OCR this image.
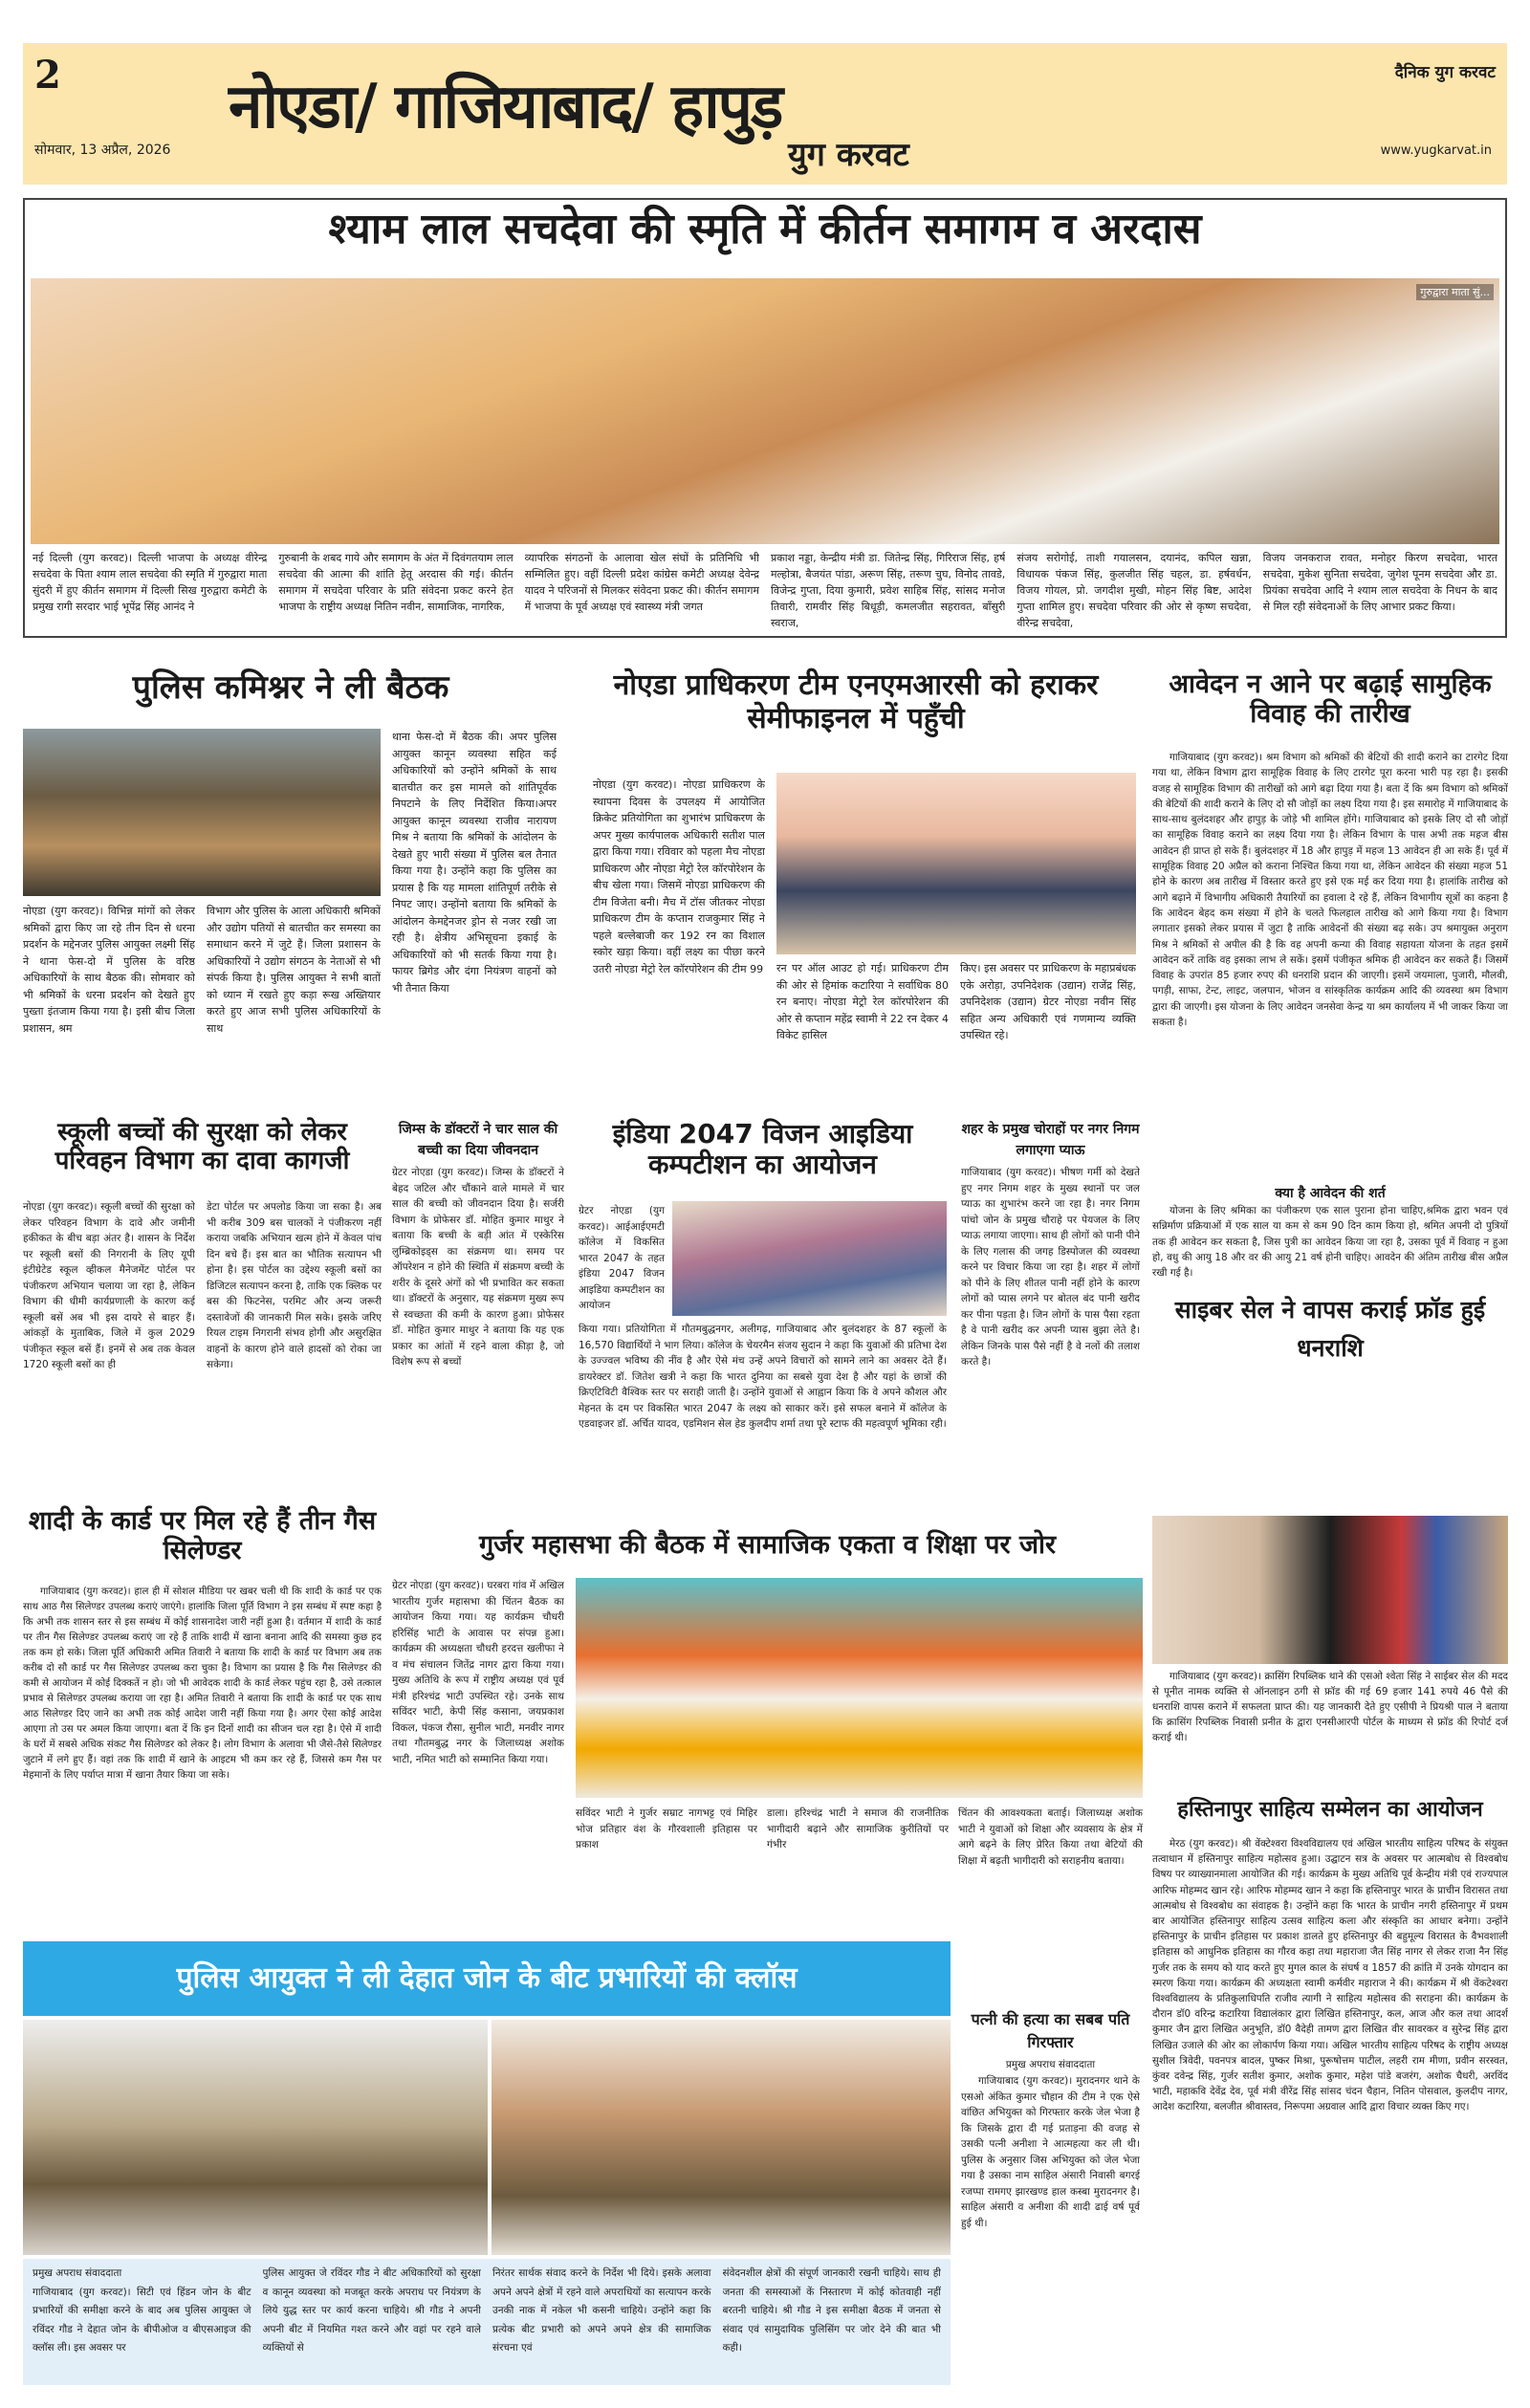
2	नोएडा/ गाजियाबाद/ हापुड़
युग करवट
दैनिक युग करवट
सोमवार, 13 अप्रैल, 2026	www.yugkarvat.in
श्याम लाल सचदेवा की स्मृति में कीर्तन समागम व अरदास
गुरुद्वारा माता सुं...
नई दिल्ली (युग करवट)। दिल्ली भाजपा के अध्यक्ष वीरेन्द्र सचदेवा के पिता श्याम लाल सचदेवा की स्मृति में गुरुद्वारा माता सुंदरी में हुए कीर्तन समागम में दिल्ली सिख गुरुद्वारा कमेटी के प्रमुख रागी सरदार भाई भूपेंद्र सिंह आनंद ने
गुरुबानी के शबद गाये और समागम के अंत में दिवंगतयाम लाल सचदेवा की आत्मा की शांति हेतू अरदास की गई। कीर्तन समागम में सचदेवा परिवार के प्रति संवेदना प्रकट करने हेत भाजपा के राष्ट्रीय अध्यक्ष नितिन नवीन, सामाजिक, नागरिक,
व्यापरिक संगठनों के आलावा खेल संघों के प्रतिनिधि भी सम्मिलित हुए। वहीं दिल्ली प्रदेश कांग्रेस कमेटी अध्यक्ष देवेन्द्र यादव ने परिजनों से मिलकर संवेदना प्रकट की। कीर्तन समागम में भाजपा के पूर्व अध्यक्ष एवं स्वास्थ्य मंत्री जगत
प्रकाश नड्डा, केन्द्रीय मंत्री डा. जितेन्द्र सिंह, गिरिराज सिंह, हर्ष मल्होत्रा, बैजयंत पांडा, अरूण सिंह, तरूण चुघ, विनोद तावडे, विजेन्द्र गुप्ता, दिया कुमारी, प्रवेश साहिब सिंह, सांसद मनोज तिवारी, रामवीर सिंह बिधूड़ी, कमलजीत सहरावत, बाँसुरी स्वराज,
संजय सरोगोई, ताशी गयालसन, दयानंद, कपिल खन्ना, विधायक पंकज सिंह, कुलजीत सिंह चहल, डा. हर्षवर्धन, विजय गोयल, प्रो. जगदीश मुखी, मोहन सिंह बिष्ट, आदेश गुप्ता शामिल हुए। सचदेवा परिवार की ओर से कृष्ण सचदेवा, वीरेन्द्र सचदेवा,
विजय जनकराज रावत, मनोहर किरण सचदेवा, भारत सचदेवा, मुकेश सुनिता सचदेवा, जुगेश पूनम सचदेवा और डा. प्रियंका सचदेवा आदि ने श्याम लाल सचदेवा के निधन के बाद से मिल रही संवेदनाओं के लिए आभार प्रकट किया।
पुलिस कमिश्नर ने ली बैठक
नोएडा (युग करवट)। विभिन्न मांगों को लेकर श्रमिकों द्वारा किए जा रहे तीन दिन से धरना प्रदर्शन के मद्देनजर पुलिस आयुक्त लक्ष्मी सिंह ने थाना फेस-दो में पुलिस के वरिष्ठ अधिकारियों के साथ बैठक की। सोमवार को भी श्रमिकों के धरना प्रदर्शन को देखते हुए पुख्ता इंतजाम किया गया है। इसी बीच जिला प्रशासन, श्रम
विभाग और पुलिस के आला अधिकारी श्रमिकों और उद्योग पतियों से बातचीत कर समस्या का समाधान करने में जुटे हैं। जिला प्रशासन के अधिकारियों ने उद्योग संगठन के नेताओं से भी संपर्क किया है। पुलिस आयुक्त ने सभी बातों को ध्यान में रखते हुए कड़ा रूख अख्तियार करते हुए आज सभी पुलिस अधिकारियों के साथ
थाना फेस-दो में बैठक की। अपर पुलिस आयुक्त कानून व्यवस्था सहित कई अधिकारियों को उन्होंने श्रमिकों के साथ बातचीत कर इस मामले को शांतिपूर्वक निपटाने के लिए निर्देशित किया।अपर आयुक्त कानून व्यवस्था राजीव नारायण मिश्र ने बताया कि श्रमिकों के आंदोलन के देखते हुए भारी संख्या में पुलिस बल तैनात किया गया है। उन्होंने कहा कि पुलिस का प्रयास है कि यह मामला शांतिपूर्ण तरीके से निपट जाए। उन्होंनो बताया कि श्रमिकों के आंदोलन केमद्देनजर ड्रोन से नजर रखी जा रही है। क्षेत्रीय अभिसूचना इकाई के अधिकारियों को भी सतर्क किया गया है। फायर ब्रिगेड और दंगा नियंत्रण वाहनों को भी तैनात किया
नोएडा प्राधिकरण टीम एनएमआरसी को हराकर सेमीफाइनल में पहुँची
नोएडा (युग करवट)। नोएडा प्राधिकरण के स्थापना दिवस के उपलक्ष्य में आयोजित क्रिकेट प्रतियोगिता का शुभारंभ प्राधिकरण के अपर मुख्य कार्यपालक अधिकारी सतीश पाल द्वारा किया गया। रविवार को पहला मैच नोएडा प्राधिकरण और नोएडा मेट्रो रेल कॉरपोरेशन के बीच खेला गया। जिसमें नोएडा प्राधिकरण की टीम विजेता बनी। मैच में टॉस जीतकर नोएडा प्राधिकरण टीम के कप्तान राजकुमार सिंह ने पहले बल्लेबाजी कर 192 रन का विशाल स्कोर खड़ा किया। वहीं लक्ष्य का पीछा करने उतरी नोएडा मेट्रो रेल कॉरपोरेशन की टीम 99 रन पर ऑल आउट हो गई। प्राधिकरण टीम की ओर से हिमांक कटारिया ने सर्वाधिक 80 रन बनाए। नोएडा मेट्रो रेल कॉरपोरेशन की ओर से कप्तान महेंद्र स्वामी ने 22 रन देकर 4 विकेट हासिल
किए। इस अवसर पर प्राधिकरण के महाप्रबंधक एके अरोड़ा, उपनिदेशक (उद्यान) राजेंद्र सिंह, उपनिदेशक (उद्यान) ग्रेटर नोएडा नवीन सिंह सहित अन्य अधिकारी एवं गणमान्य व्यक्ति उपस्थित रहे।
आवेदन न आने पर बढ़ाई सामुहिक विवाह की तारीख
गाजियाबाद (युग करवट)। श्रम विभाग को श्रमिकों की बेटियों की शादी कराने का टारगेट दिया गया था, लेकिन विभाग द्वारा सामूहिक विवाह के लिए टारगेट पूरा करना भारी पड़ रहा है। इसकी वजह से सामूहिक विभाग की तारीखों को आगे बढ़ा दिया गया है। बता दें कि श्रम विभाग को श्रमिकों की बेटियों की शादी कराने के लिए दो सौ जोड़ों का लक्ष्य दिया गया है। इस समारोह में गाजियाबाद के साथ-साथ बुलंदशहर और हापुड़ के जोड़े भी शामिल होंगे। गाजियाबाद को इसके लिए दो सौ जोड़ों का सामूहिक विवाह कराने का लक्ष्य दिया गया है। लेकिन विभाग के पास अभी तक महज बीस आवेदन ही प्राप्त हो सके हैं। बुलंदशहर में 18 और हापुड़ में महज 13 आवेदन ही आ सके हैं। पूर्व में सामूहिक विवाह 20 अप्रैल को कराना निश्चित किया गया था, लेकिन आवेदन की संख्या महज 51 होने के कारण अब तारीख में विस्तार करते हुए इसे एक मई कर दिया गया है। हालांकि तारीख को आगे बढ़ाने में विभागीय अधिकारी तैयारियों का हवाला दे रहे हैं, लेकिन विभागीय सूत्रों का कहना है कि आवेदन बेहद कम संख्या में होने के चलते फिलहाल तारीख को आगे किया गया है। विभाग लगातार इसको लेकर प्रयास में जुटा है ताकि आवेदनों की संख्या बढ़ सके। उप श्रमायुक्त अनुराग मिश्र ने श्रमिकों से अपील की है कि वह अपनी कन्या की विवाह सहायता योजना के तहत इसमें आवेदन करें ताकि वह इसका लाभ ले सकें। इसमें पंजीकृत श्रमिक ही आवेदन कर सकते हैं। जिसमें विवाह के उपरांत 85 हजार रुपए की धनराशि प्रदान की जाएगी। इसमें जयमाला, पुजारी, मौलवी, पगड़ी, साफा, टेन्ट, लाइट, जलपान, भोजन व सांस्कृतिक कार्यक्रम आदि की व्यवस्था श्रम विभाग द्वारा की जाएगी। इस योजना के लिए आवेदन जनसेवा केन्द्र या श्रम कार्यालय में भी जाकर किया जा सकता है।
क्या है आवेदन की शर्त
योजना के लिए श्रमिका का पंजीकरण एक साल पुराना होना चाहिए,श्रमिक द्वारा भवन एवं सन्निर्माण प्रक्रियाओं में एक साल या कम से कम 90 दिन काम किया हो, श्रमित अपनी दो पुत्रियों तक ही आवेदन कर सकता है, जिस पुत्री का आवेदन किया जा रहा है, उसका पूर्व में विवाह न हुआ हो, वधु की आयु 18 और वर की आयु 21 वर्ष होनी चाहिए। आवदेन की अंतिम तारीख बीस अप्रैल रखी गई है।
स्कूली बच्चों की सुरक्षा को लेकर परिवहन विभाग का दावा कागजी
नोएडा (युग करवट)। स्कूली बच्चों की सुरक्षा को लेकर परिवहन विभाग के दावे और जमीनी हकीकत के बीच बड़ा अंतर है। शासन के निर्देश पर स्कूली बसों की निगरानी के लिए यूपी इंटीग्रेटेड स्कूल व्हीकल मैनेजमेंट पोर्टल पर पंजीकरण अभियान चलाया जा रहा है, लेकिन विभाग की धीमी कार्यप्रणाली के कारण कई स्कूली बसें अब भी इस दायरे से बाहर हैं। आंकड़ों के मुताबिक, जिले में कुल 2029 पंजीकृत स्कूल बसें हैं। इनमें से अब तक केवल 1720 स्कूली बसों का ही
डेटा पोर्टल पर अपलोड किया जा सका है। अब भी करीब 309 बस चालकों ने पंजीकरण नहीं कराया जबकि अभियान खत्म होने में केवल पांच दिन बचे हैं। इस बात का भौतिक सत्यापन भी होना है। इस पोर्टल का उद्देश्य स्कूली बसों का डिजिटल सत्यापन करना है, ताकि एक क्लिक पर बस की फिटनेस, परमिट और अन्य जरूरी दस्तावेजों की जानकारी मिल सके। इसके जरिए रियल टाइम निगरानी संभव होगी और असुरक्षित वाहनों के कारण होने वाले हादसों को रोका जा सकेगा।
जिम्स के डॉक्टरों ने चार साल की बच्ची का दिया जीवनदान
ग्रेटर नोएडा (युग करवट)। जिम्स के डॉक्टरों ने बेहद जटिल और चौंकाने वाले मामले में चार साल की बच्ची को जीवनदान दिया है। सर्जरी विभाग के प्रोफेसर डॉ. मोहित कुमार माथुर ने बताया कि बच्ची के बड़ी आंत में एस्केरिस लुम्ब्रिकोइड्स का संक्रमण था। समय पर ऑपरेशन न होने की स्थिति में संक्रमण बच्ची के शरीर के दूसरे अंगों को भी प्रभावित कर सकता था। डॉक्टरों के अनुसार, यह संक्रमण मुख्य रूप से स्वच्छता की कमी के कारण हुआ। प्रोफेसर डॉ. मोहित कुमार माथुर ने बताया कि यह एक प्रकार का आंतों में रहने वाला कीड़ा है, जो विशेष रूप से बच्चों
इंडिया 2047 विजन आइडिया कम्पटीशन का आयोजन
ग्रेटर नोएडा (युग करवट)। आईआईएमटी कॉलेज में विकसित भारत 2047 के तहत इंडिया 2047 विजन आइडिया कम्पटीशन का आयोजन
किया गया। प्रतियोगिता में गौतमबुद्धनगर, अलीगढ़, गाजियाबाद और बुलंदशहर के 87 स्कूलों के 16,570 विद्यार्थियों ने भाग लिया। कॉलेज के चेयरमैन संजय सुदान ने कहा कि युवाओं की प्रतिभा देश के उज्ज्वल भविष्य की नींव है और ऐसे मंच उन्हें अपने विचारों को सामने लाने का अवसर देते हैं। डायरेक्टर डॉ. जितेश खत्री ने कहा कि भारत दुनिया का सबसे युवा देश है और यहां के छात्रों की क्रिएटिविटी वैश्विक स्तर पर सराही जाती है। उन्होंने युवाओं से आह्वान किया कि वे अपने कौशल और मेहनत के दम पर विकसित भारत 2047 के लक्ष्य को साकार करें। इसे सफल बनाने में कॉलेज के एडवाइजर डॉ. अर्चित यादव, एडमिशन सेल हेड कुलदीप शर्मा तथा पूरे स्टाफ की महत्वपूर्ण भूमिका रही।
शहर के प्रमुख चोराहों पर नगर निगम लगाएगा प्याऊ
गाजियाबाद (युग करवट)। भीषण गर्मी को देखते हुए नगर निगम शहर के मुख्य स्थानों पर जल प्याऊ का शुभारंभ करने जा रहा है। नगर निगम पांचो जोन के प्रमुख चौराहे पर पेयजल के लिए प्याऊ लगाया जाएगा। साथ ही लोगों को पानी पीने के लिए गलास की जगह डिस्पोजल की व्यवस्था करने पर विचार किया जा रहा है। शहर में लोगों को पीने के लिए शीतल पानी नहीं होने के कारण लोगों को प्यास लगने पर बोतल बंद पानी खरीद कर पीना पड़ता है। जिन लोगों के पास पैसा रहता है वे पानी खरीद कर अपनी प्यास बुझा लेते है। लेकिन जिनके पास पैसे नहीं है वे नलों की तलाश करते है।
शादी के कार्ड पर मिल रहे हैं तीन गैस सिलेण्डर
गाजियाबाद (युग करवट)। हाल ही में सोशल मीडिया पर खबर चली थी कि शादी के कार्ड पर एक साथ आठ गैस सिलेण्डर उपलब्ध कराएं जाएंगे। हालांकि जिला पूर्ति विभाग ने इस सम्बंध में स्पष्ट कहा है कि अभी तक शासन स्तर से इस सम्बंध में कोई शासनादेश जारी नहीं हुआ है। वर्तमान में शादी के कार्ड पर तीन गैस सिलेण्डर उपलब्ध कराएं जा रहे हैं ताकि शादी में खाना बनाना आदि की समस्या कुछ हद तक कम हो सके। जिला पूर्ति अधिकारी अमित तिवारी ने बताया कि शादी के कार्ड पर विभाग अब तक करीब दो सौ कार्ड पर गैस सिलेण्डर उपलब्ध करा चुका है। विभाग का प्रयास है कि गैस सिलेण्डर की कमी से आयोजन में कोई दिक्कतें न हो। जो भी आवेदक शादी के कार्ड लेकर पहुंच रहा है, उसे तत्काल प्रभाव से सिलेण्डर उपलब्ध कराया जा रहा है। अमित तिवारी ने बताया कि शादी के कार्ड पर एक साथ आठ सिलेण्डर दिए जाने का अभी तक कोई आदेश जारी नहीं किया गया है। अगर ऐसा कोई आदेश आएगा तो उस पर अमल किया जाएगा। बता दें कि इन दिनों शादी का सीजन चल रहा है। ऐसे में शादी के घरों में सबसे अधिक संकट गैस सिलेण्डर को लेकर है। लोग विभाग के अलावा भी जैसे-तैसे सिलेण्डर जुटाने में लगे हुए हैं। वहां तक कि शादी में खाने के आइटम भी कम कर रहे हैं, जिससे कम गैस पर मेहमानों के लिए पर्याप्त मात्रा में खाना तैयार किया जा सके।
गुर्जर महासभा की बैठक में सामाजिक एकता व शिक्षा पर जोर
ग्रेटर नोएडा (युग करवट)। घरबरा गांव में अखिल भारतीय गुर्जर महासभा की चिंतन बैठक का आयोजन किया गया। यह कार्यक्रम चौधरी हरिसिंह भाटी के आवास पर संपन्न हुआ। कार्यक्रम की अध्यक्षता चौधरी हरदत्त खलीफा ने व मंच संचालन जितेंद्र नागर द्वारा किया गया। मुख्य अतिथि के रूप में राष्ट्रीय अध्यक्ष एवं पूर्व मंत्री हरिश्चंद्र भाटी उपस्थित रहे। उनके साथ सविंदर भाटी, केपी सिंह कसाना, जयप्रकाश विकल, पंकज रौसा, सुनील भाटी, मनवीर नागर तथा गौतमबुद्ध नगर के जिलाध्यक्ष अशोक भाटी, नमित भाटी को सम्मानित किया गया।
सविंदर भाटी ने गुर्जर सम्राट नागभट्ट एवं मिहिर भोज प्रतिहार वंश के गौरवशाली इतिहास पर प्रकाश
डाला। हरिश्चंद्र भाटी ने समाज की राजनीतिक भागीदारी बढ़ाने और सामाजिक कुरीतियों पर गंभीर
चिंतन की आवश्यकता बताई। जिलाध्यक्ष अशोक भाटी ने युवाओं को शिक्षा और व्यवसाय के क्षेत्र में आगे बढ़ने के लिए प्रेरित किया तथा बेटियों की शिक्षा में बढ़ती भागीदारी को सराहनीय बताया।
साइबर सेल ने वापस कराई फ्रॉड हुई धनराशि
गाजियाबाद (युग करवट)। क्रासिंग रिपब्लिक थाने की एसओ श्वेता सिंह ने साईबर सेल की मदद से पूनीत नामक व्यक्ति से ऑनलाइन ठगी से फ्रॉड की गई 69 हजार 141 रुपये 46 पैसे की धनराशि वापस कराने में सफलता प्राप्त की। यह जानकारी देते हुए एसीपी ने प्रियश्री पाल ने बताया कि क्रासिंग रिपब्लिक निवासी प्रनीत के द्वारा एनसीआरपी पोर्टल के माध्यम से फ्रॉड की रिपोर्ट दर्ज कराई थी।
हस्तिनापुर साहित्य सम्मेलन का आयोजन
मेरठ (युग करवट)। श्री वेंक्टेश्वरा विश्वविद्यालय एवं अखिल भारतीय साहित्य परिषद के संयुक्त तत्वाधान में हस्तिनापुर साहित्य महोत्सव हुआ। उद्घाटन सत्र के अवसर पर आत्मबोध से विश्वबोध विषय पर व्याख्यानमाला आयोजित की गई। कार्यक्रम के मुख्य अतिथि पूर्व केन्द्रीय मंत्री एवं राज्यपाल आरिफ मोहम्मद खान रहे। आरिफ मोहम्मद खान ने कहा कि हस्तिनापुर भारत के प्राचीन विरासत तथा आत्मबोध से विश्वबोध का संवाहक है। उन्होंने कहा कि भारत के प्राचीन नगरी हस्तिनापुर में प्रथम बार आयोजित हस्तिनापुर साहित्य उत्सव साहित्य कला और संस्कृति का आधार बनेगा। उन्होंने हस्तिनापुर के प्राचीन इतिहास पर प्रकाश डालते हुए हस्तिनापुर की बहुमूल्य विरासत के वैभवशाली इतिहास को आधुनिक इतिहास का गौरव कहा तथा महाराजा जैत सिंह नागर से लेकर राजा नैन सिंह गुर्जर तक के समय को याद करते हुए मुगल काल के संघर्ष व 1857 की क्रांति में उनके योगदान का स्मरण किया गया। कार्यक्रम की अध्यक्षता स्वामी कर्मवीर महाराज ने की। कार्यक्रम में श्री वेंकटेश्वरा विश्वविद्यालय के प्रतिकुलाधिपति राजीव त्यागी ने साहित्य महोत्सव की सराहना की। कार्यक्रम के दौरान डॉ0 वरिन्द्र कटारिया विद्यालंकार द्वारा लिखित हस्तिनापुर, कल, आज और कल तथा आदर्श कुमार जैन द्वारा लिखित अनुभूति, डॉ0 वैदेही तामण द्वारा लिखित वीर सावरकर व सुरेन्द्र सिंह द्वारा लिखित उजाले की ओर का लोकार्पण किया गया। अखिल भारतीय साहित्य परिषद के राष्ट्रीय अध्यक्ष सुशील त्रिवेदी, पवनपत्र बादल, पुष्कर मिश्रा, पुरूषोत्तम पाटील, लहरी राम मीणा, प्रवीन सरस्वत, कुंवर दवेन्द्र सिंह, गुर्जर सतीश कुमार, अशोक कुमार, महेश पांडे बजरंग, अशोक चैधरी, अरविंद भाटी, महाकवि देवेंद्र देव, पूर्व मंत्री वीरेंद्र सिंह सांसद चंदन चैहान, नितिन पोसवाल, कुलदीप नागर, आदेश कटारिया, बलजीत श्रीवास्तव, निरूपमा अग्रवाल आदि द्वारा विचार व्यक्त किए गए।
पत्नी की हत्या का सबब पति गिरफ्तार
प्रमुख अपराध संवाददाता
गाजियाबाद (युग करवट)। मुरादनगर थाने के एसओ अंकित कुमार चौहान की टीम ने एक ऐसे वांछित अभियुक्त को गिरफ्तार करके जेल भेजा है कि जिसके द्वारा दी गई प्रताड़ना की वजह से उसकी पत्नी अनीशा ने आत्महत्या कर ली थी। पुलिस के अनुसार जिस अभियुक्त को जेल भेजा गया है उसका नाम साहिल अंसारी निवासी बगरई रजप्पा रामगए झारखण्ड हाल कस्बा मुरादनगर है। साहिल अंसारी व अनीशा की शादी ढाई वर्ष पूर्व हुई थी।
पुलिस आयुक्त ने ली देहात जोन के बीट प्रभारियों की क्लॉस
प्रमुख अपराध संवाददाता
गाजियाबाद (युग करवट)। सिटी एवं हिंडन जोन के बीट प्रभारियों की समीक्षा करने के बाद अब पुलिस आयुक्त जे रविंदर गौड ने देहात जोन के बीपीओज व बीएसआइज की क्लॉस ली। इस अवसर पर
पुलिस आयुक्त जे रविंदर गौड ने बीट अधिकारियों को सुरक्षा व कानून व्यवस्था को मजबूत करके अपराध पर नियंत्रण के लिये युद्ध स्तर पर कार्य करना चाहिये। श्री गौड ने अपनी अपनी बीट में नियमित गश्त करने और वहां पर रहने वाले व्यक्तियों से
निरंतर सार्थक संवाद करने के निर्देश भी दिये। इसके अलावा अपने अपने क्षेत्रों में रहने वाले अपराधियों का सत्यापन करके उनकी नाक में नकेल भी कसनी चाहिये। उन्होंने कहा कि प्रत्येक बीट प्रभारी को अपने अपने क्षेत्र की सामाजिक संरचना एवं
संवेदनशील क्षेत्रों की संपूर्ण जानकारी रखनी चाहिये। साथ ही जनता की समस्याओं कें निस्तारण में कोई कोतवाही नहीं बरतनी चाहिये। श्री गौड ने इस समीक्षा बैठक में जनता से संवाद एवं सामुदायिक पुलिसिंग पर जोर देने की बात भी कही।
